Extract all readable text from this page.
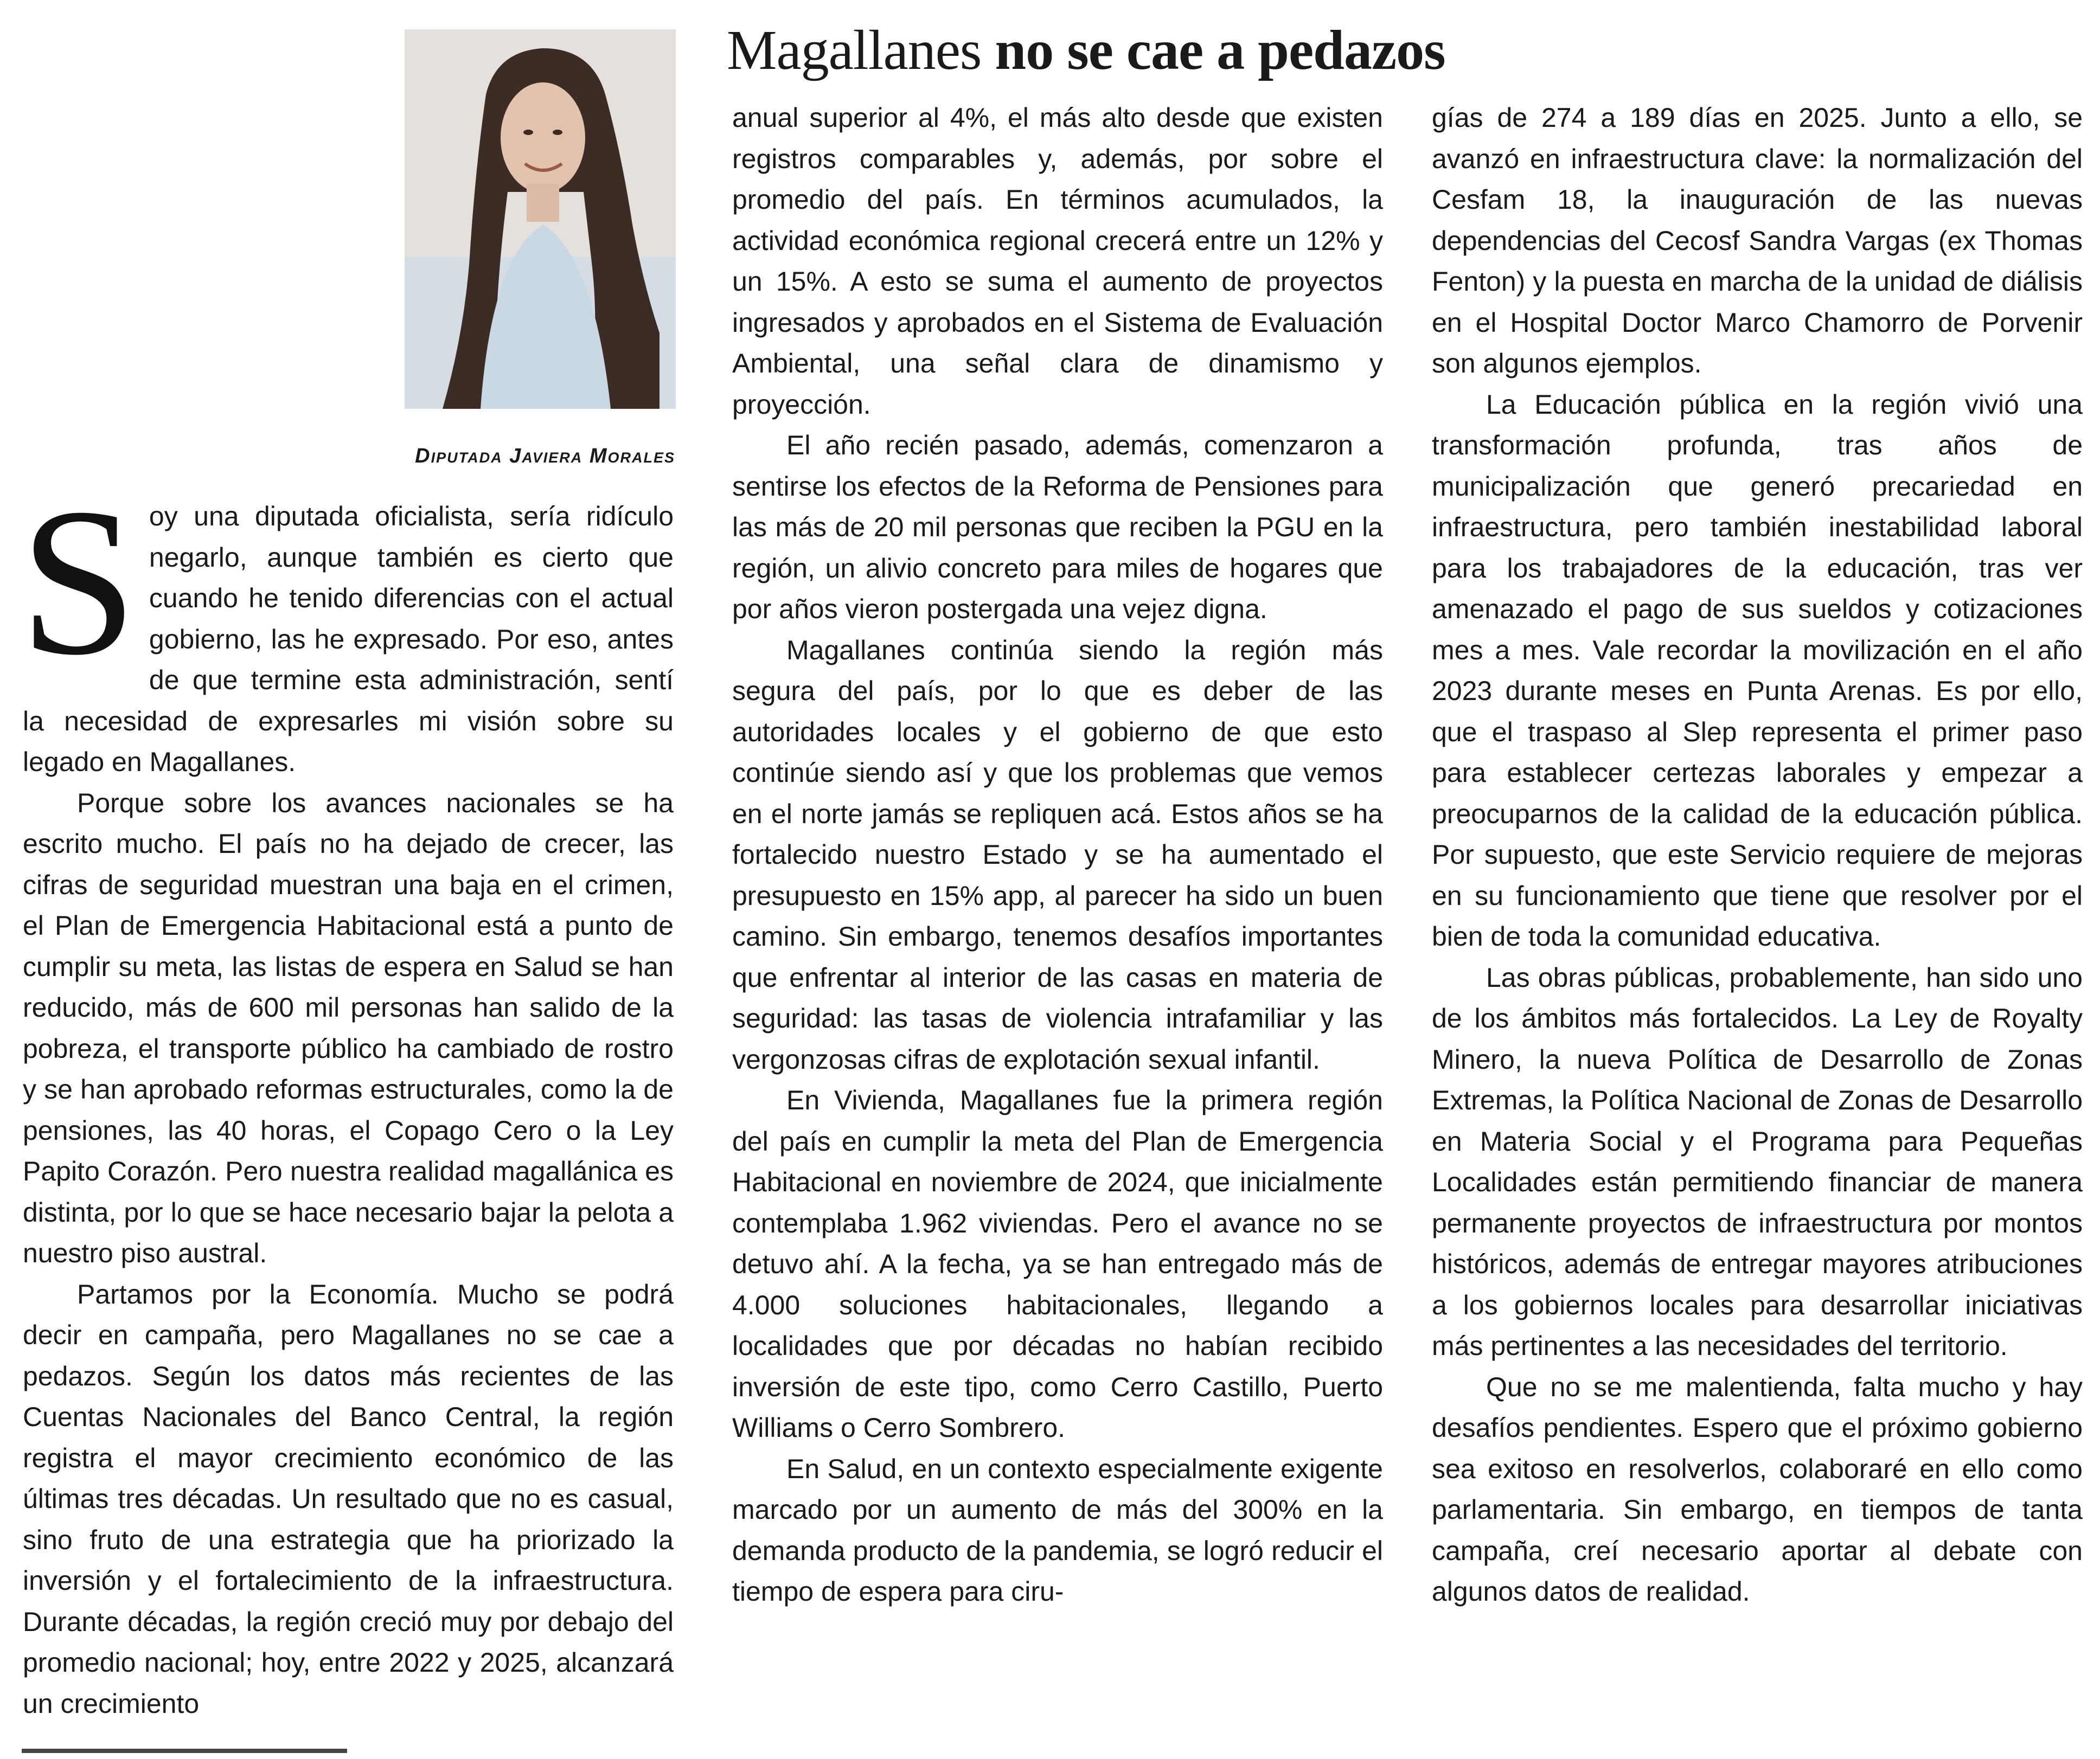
Magallanes no se cae a pedazos
Diputada Javiera Morales

Soy una diputada oficialista, sería ridículo negarlo, aunque también es cierto que cuando he tenido diferencias con el actual gobierno, las he expresado. Por eso, antes de que termine esta administración, sentí la necesidad de expresarles mi visión sobre su legado en Magallanes.

Porque sobre los avances nacionales se ha escrito mucho. El país no ha dejado de crecer, las cifras de seguridad muestran una baja en el crimen, el Plan de Emergencia Habitacional está a punto de cumplir su meta, las listas de espera en Salud se han reducido, más de 600 mil personas han salido de la pobreza, el transporte público ha cambiado de rostro y se han aprobado reformas estructurales, como la de pensiones, las 40 horas, el Copago Cero o la Ley Papito Corazón. Pero nuestra realidad magallánica es distinta, por lo que se hace necesario bajar la pelota a nuestro piso austral.

Partamos por la Economía. Mucho se podrá decir en campaña, pero Magallanes no se cae a pedazos. Según los datos más recientes de las Cuentas Nacionales del Banco Central, la región registra el mayor crecimiento económico de las últimas tres décadas. Un resultado que no es casual, sino fruto de una estrategia que ha priorizado la inversión y el fortalecimiento de la infraestructura. Durante décadas, la región creció muy por debajo del promedio nacional; hoy, entre 2022 y 2025, alcanzará un crecimiento

anual superior al 4%, el más alto desde que existen registros comparables y, además, por sobre el promedio del país. En términos acumulados, la actividad económica regional crecerá entre un 12% y un 15%. A esto se suma el aumento de proyectos ingresados y aprobados en el Sistema de Evaluación Ambiental, una señal clara de dinamismo y proyección.

El año recién pasado, además, comenzaron a sentirse los efectos de la Reforma de Pensiones para las más de 20 mil personas que reciben la PGU en la región, un alivio concreto para miles de hogares que por años vieron postergada una vejez digna.

Magallanes continúa siendo la región más segura del país, por lo que es deber de las autoridades locales y el gobierno de que esto continúe siendo así y que los problemas que vemos en el norte jamás se repliquen acá. Estos años se ha fortalecido nuestro Estado y se ha aumentado el presupuesto en 15% app, al parecer ha sido un buen camino. Sin embargo, tenemos desafíos importantes que enfrentar al interior de las casas en materia de seguridad: las tasas de violencia intrafamiliar y las vergonzosas cifras de explotación sexual infantil.

En Vivienda, Magallanes fue la primera región del país en cumplir la meta del Plan de Emergencia Habitacional en noviembre de 2024, que inicialmente contemplaba 1.962 viviendas. Pero el avance no se detuvo ahí. A la fecha, ya se han entregado más de 4.000 soluciones habitacionales, llegando a localidades que por décadas no habían recibido inversión de este tipo, como Cerro Castillo, Puerto Williams o Cerro Sombrero.

En Salud, en un contexto especialmente exigente marcado por un aumento de más del 300% en la demanda producto de la pandemia, se logró reducir el tiempo de espera para ciru-

gías de 274 a 189 días en 2025. Junto a ello, se avanzó en infraestructura clave: la normalización del Cesfam 18, la inauguración de las nuevas dependencias del Cecosf Sandra Vargas (ex Thomas Fenton) y la puesta en marcha de la unidad de diálisis en el Hospital Doctor Marco Chamorro de Porvenir son algunos ejemplos.

La Educación pública en la región vivió una transformación profunda, tras años de municipalización que generó precariedad en infraestructura, pero también inestabilidad laboral para los trabajadores de la educación, tras ver amenazado el pago de sus sueldos y cotizaciones mes a mes. Vale recordar la movilización en el año 2023 durante meses en Punta Arenas. Es por ello, que el traspaso al Slep representa el primer paso para establecer certezas laborales y empezar a preocuparnos de la calidad de la educación pública. Por supuesto, que este Servicio requiere de mejoras en su funcionamiento que tiene que resolver por el bien de toda la comunidad educativa.

Las obras públicas, probablemente, han sido uno de los ámbitos más fortalecidos. La Ley de Royalty Minero, la nueva Política de Desarrollo de Zonas Extremas, la Política Nacional de Zonas de Desarrollo en Materia Social y el Programa para Pequeñas Localidades están permitiendo financiar de manera permanente proyectos de infraestructura por montos históricos, además de entregar mayores atribuciones a los gobiernos locales para desarrollar iniciativas más pertinentes a las necesidades del territorio.

Que no se me malentienda, falta mucho y hay desafíos pendientes. Espero que el próximo gobierno sea exitoso en resolverlos, colaboraré en ello como parlamentaria. Sin embargo, en tiempos de tanta campaña, creí necesario aportar al debate con algunos datos de realidad.
